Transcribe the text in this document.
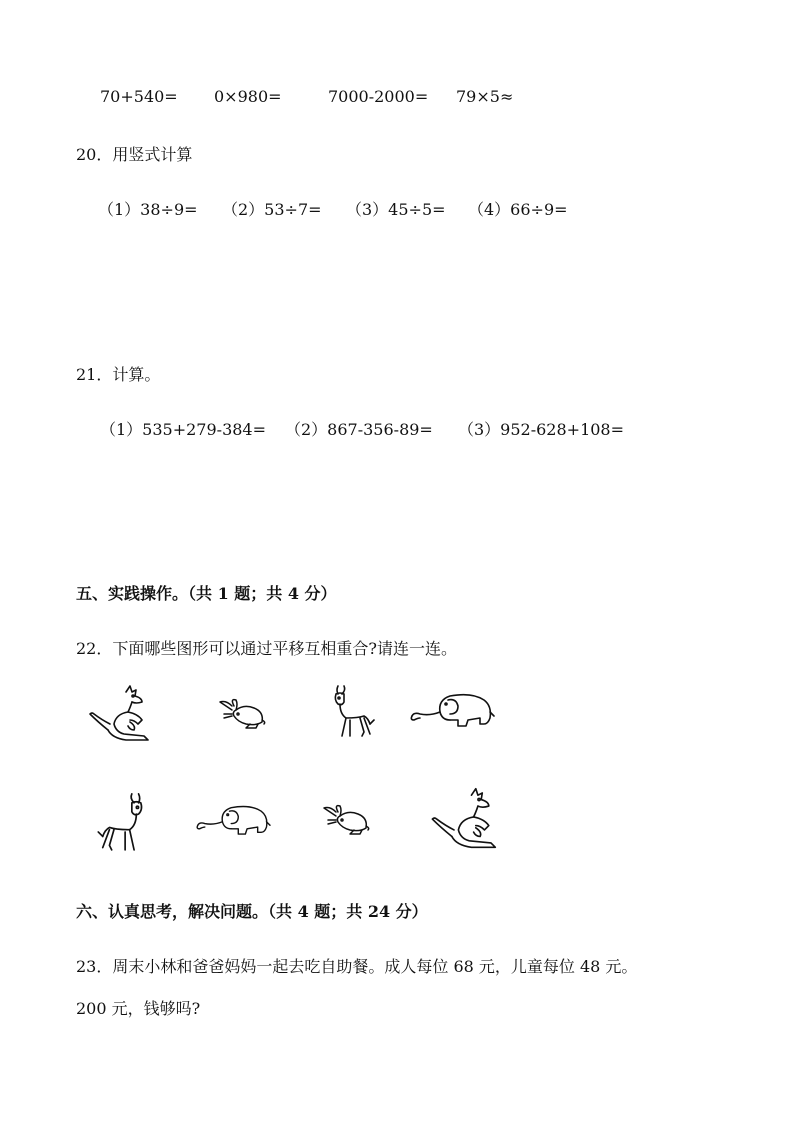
70+540= 0×980=	7000-2000= 79×5≈
20．用竖式计算
（1）38÷9= （2）53÷7= （3）45÷5= （4）66÷9=
21．计算。
（1）535+279-384= （2）867-356-89= （3）952-628+108=
五、实践操作。（共 1 题；共 4 分）
22．下面哪些图形可以通过平移互相重合?请连一连。
六、认真思考，解决问题。（共 4 题；共 24 分）
23．周末小林和爸爸妈妈一起去吃自助餐。成人每位 68 元，儿童每位 48 元。
200 元，钱够吗?
